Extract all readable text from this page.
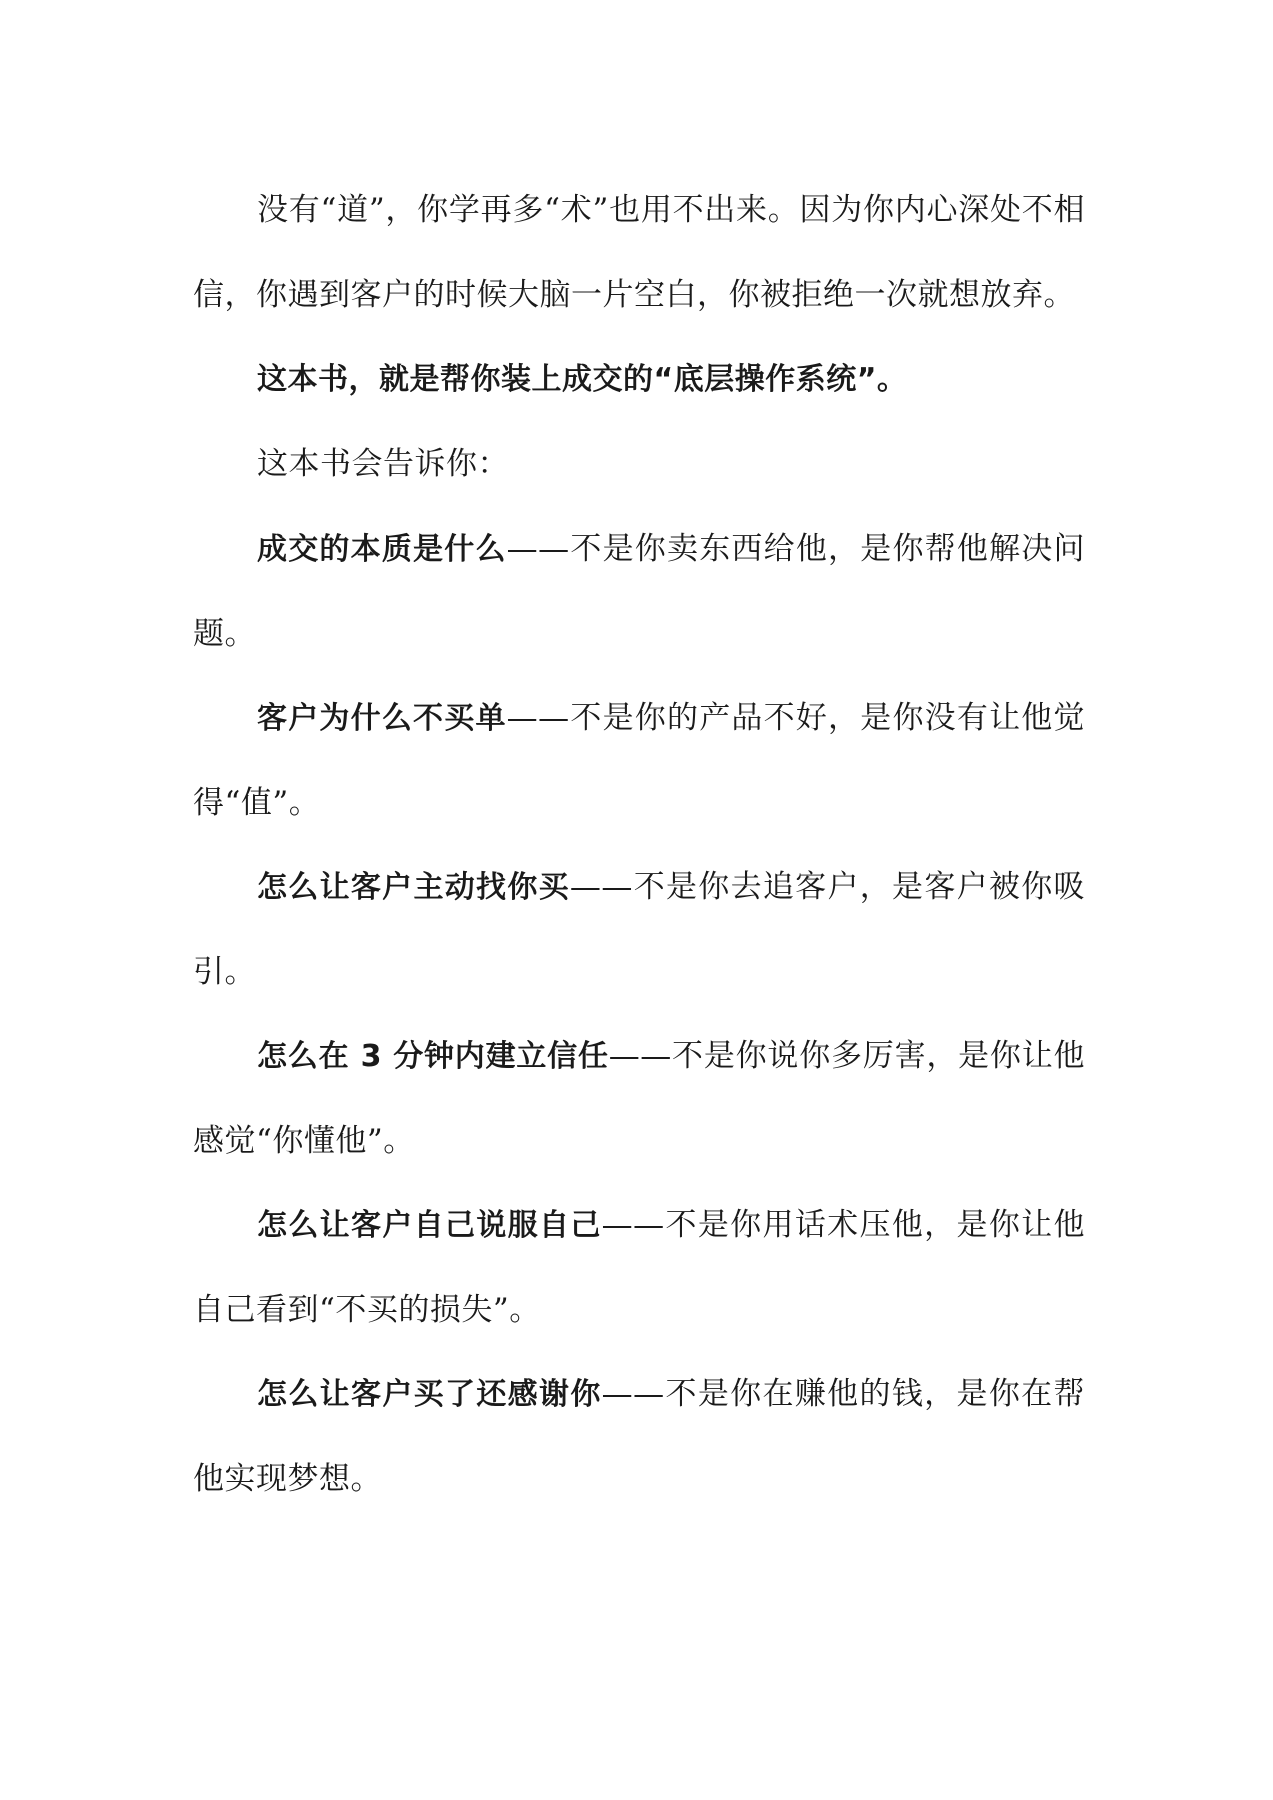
没有“道”，你学再多“术”也用不出来。因为你内心深处不相信，你遇到客户的时候大脑一片空白，你被拒绝一次就想放弃。

这本书，就是帮你装上成交的“底层操作系统”。

这本书会告诉你：

成交的本质是什么——不是你卖东西给他，是你帮他解决问题。

客户为什么不买单——不是你的产品不好，是你没有让他觉得“值”。

怎么让客户主动找你买——不是你去追客户，是客户被你吸引。

怎么在 3 分钟内建立信任——不是你说你多厉害，是你让他感觉“你懂他”。

怎么让客户自己说服自己——不是你用话术压他，是你让他自己看到“不买的损失”。

怎么让客户买了还感谢你——不是你在赚他的钱，是你在帮他实现梦想。
